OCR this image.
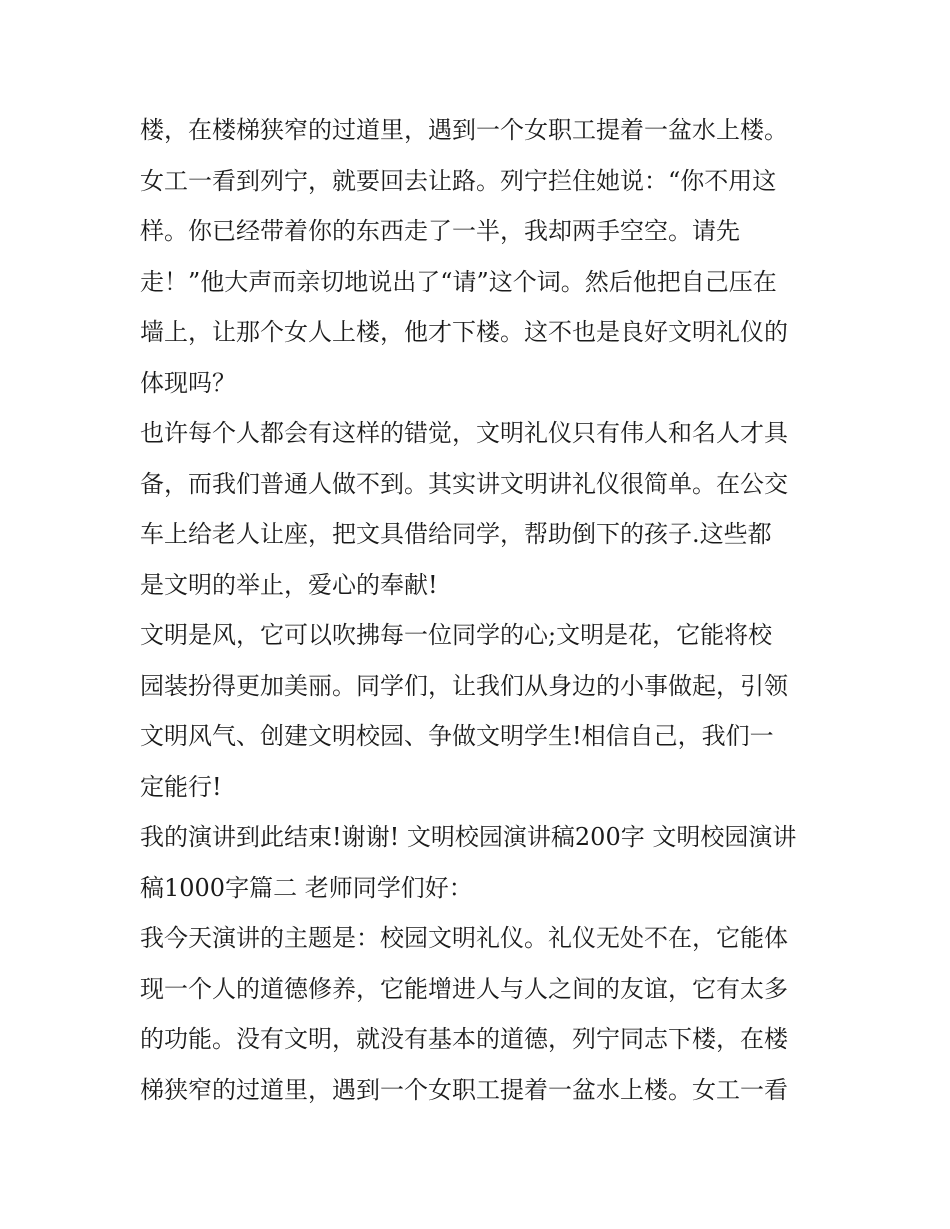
楼，在楼梯狭窄的过道里，遇到一个女职工提着一盆水上楼。
女工一看到列宁，就要回去让路。列宁拦住她说：“你不用这
样。你已经带着你的东西走了一半，我却两手空空。请先
走！”他大声而亲切地说出了“请”这个词。然后他把自己压在
墙上，让那个女人上楼，他才下楼。这不也是良好文明礼仪的
体现吗？
也许每个人都会有这样的错觉，文明礼仪只有伟人和名人才具
备，而我们普通人做不到。其实讲文明讲礼仪很简单。在公交
车上给老人让座，把文具借给同学，帮助倒下的孩子.这些都
是文明的举止，爱心的奉献!
文明是风，它可以吹拂每一位同学的心;文明是花，它能将校
园装扮得更加美丽。同学们，让我们从身边的小事做起，引领
文明风气、创建文明校园、争做文明学生!相信自己，我们一
定能行!
我的演讲到此结束!谢谢! 文明校园演讲稿200字 文明校园演讲
稿1000字篇二 老师同学们好：
我今天演讲的主题是：校园文明礼仪。礼仪无处不在，它能体
现一个人的道德修养，它能增进人与人之间的友谊，它有太多
的功能。没有文明，就没有基本的道德，列宁同志下楼，在楼
梯狭窄的过道里，遇到一个女职工提着一盆水上楼。女工一看
